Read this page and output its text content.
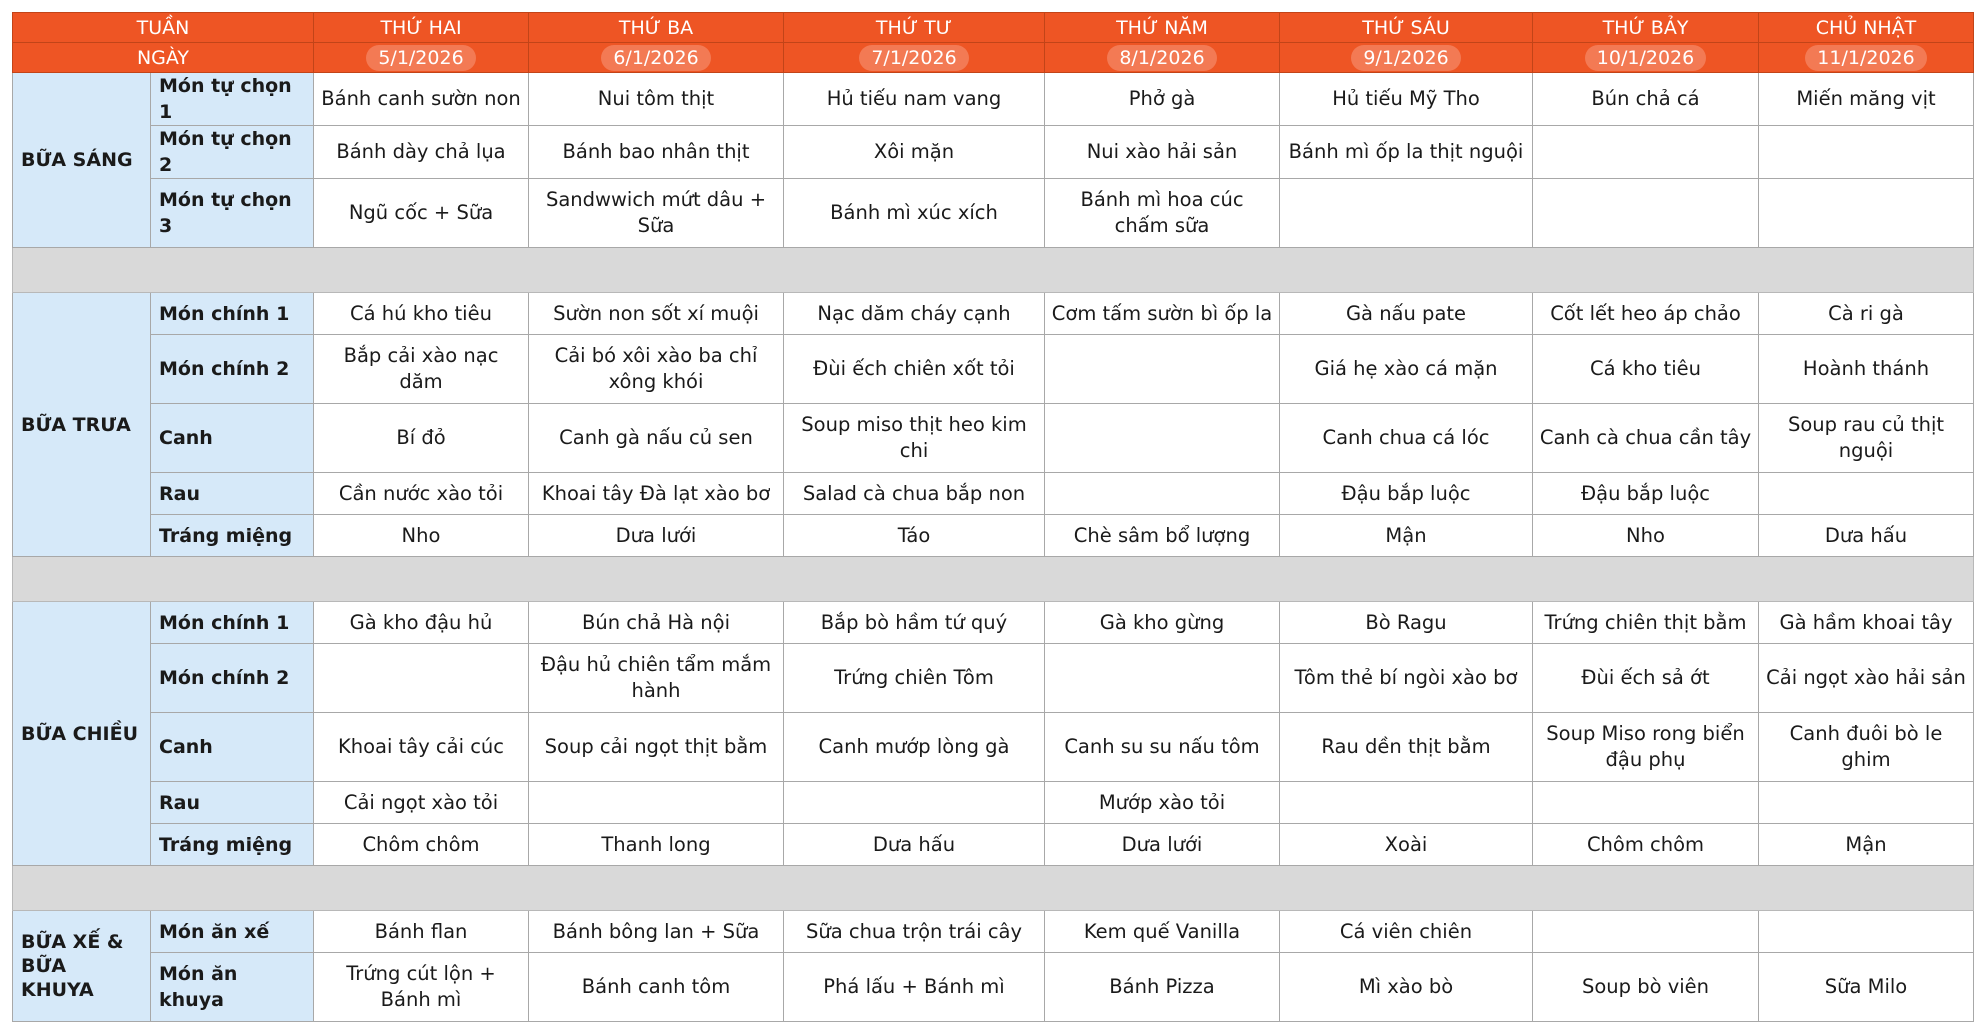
TUẦN		THỨ HAI	THỨ BA	THỨ TƯ	THỨ NĂM	THỨ SÁU	THỨ BẢY	CHỦ NHẬT
NGÀY		5/1/2026	6/1/2026	7/1/2026	8/1/2026	9/1/2026	10/1/2026	11/1/2026
BỮA SÁNG	Món tự chọn 1	Bánh canh sườn non	Nui tôm thịt	Hủ tiếu nam vang	Phở gà	Hủ tiếu Mỹ Tho	Bún chả cá	Miến măng vịt
	Món tự chọn 2	Bánh dày chả lụa	Bánh bao nhân thịt	Xôi mặn	Nui xào hải sản	Bánh mì ốp la thịt nguội		
	Món tự chọn 3	Ngũ cốc + Sữa	Sandwwich mứt dâu + Sữa	Bánh mì xúc xích	Bánh mì hoa cúc chấm sữa			

BỮA TRƯA	Món chính 1	Cá hú kho tiêu	Sườn non sốt xí muội	Nạc dăm cháy cạnh	Cơm tấm sườn bì ốp la	Gà nấu pate	Cốt lết heo áp chảo	Cà ri gà
	Món chính 2	Bắp cải xào nạc dăm	Cải bó xôi xào ba chỉ xông khói	Đùi ếch chiên xốt tỏi		Giá hẹ xào cá mặn	Cá kho tiêu	Hoành thánh
	Canh	Bí đỏ	Canh gà nấu củ sen	Soup miso thịt heo kim chi		Canh chua cá lóc	Canh cà chua cần tây	Soup rau củ thịt nguội
	Rau	Cần nước xào tỏi	Khoai tây Đà lạt xào bơ	Salad cà chua bắp non		Đậu bắp luộc	Đậu bắp luộc	
	Tráng miệng	Nho	Dưa lưới	Táo	Chè sâm bổ lượng	Mận	Nho	Dưa hấu

BỮA CHIỀU	Món chính 1	Gà kho đậu hủ	Bún chả Hà nội	Bắp bò hầm tứ quý	Gà kho gừng	Bò Ragu	Trứng chiên thịt bằm	Gà hầm khoai tây
	Món chính 2		Đậu hủ chiên tẩm mắm hành	Trứng chiên Tôm		Tôm thẻ bí ngòi xào bơ	Đùi ếch sả ớt	Cải ngọt xào hải sản
	Canh	Khoai tây cải cúc	Soup cải ngọt thịt bằm	Canh mướp lòng gà	Canh su su nấu tôm	Rau dền thịt bằm	Soup Miso rong biển đậu phụ	Canh đuôi bò le ghim
	Rau	Cải ngọt xào tỏi			Mướp xào tỏi			
	Tráng miệng	Chôm chôm	Thanh long	Dưa hấu	Dưa lưới	Xoài	Chôm chôm	Mận

BỮA XẾ & BỮA KHUYA	Món ăn xế	Bánh flan	Bánh bông lan + Sữa	Sữa chua trộn trái cây	Kem quế Vanilla	Cá viên chiên		
	Món ăn khuya	Trứng cút lộn + Bánh mì	Bánh canh tôm	Phá lấu + Bánh mì	Bánh Pizza	Mì xào bò	Soup bò viên	Sữa Milo
